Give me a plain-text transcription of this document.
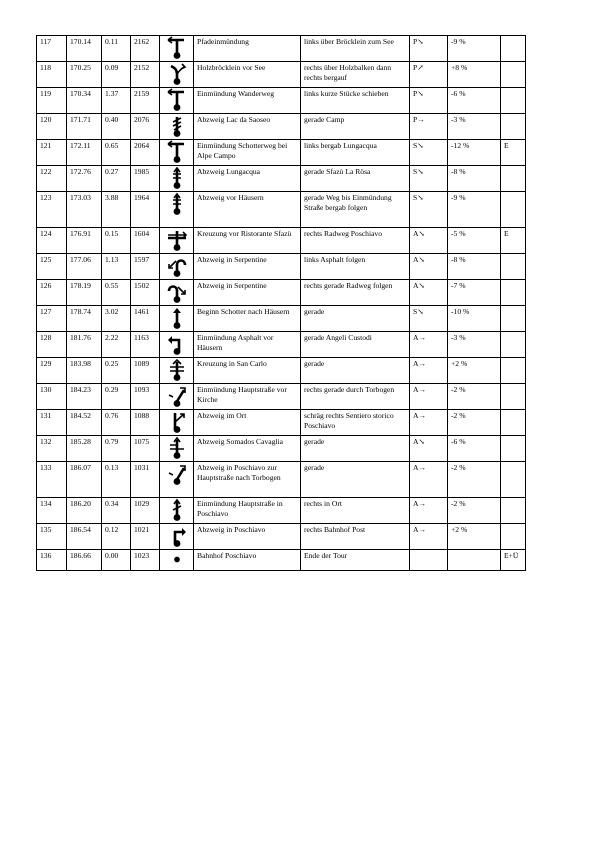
117	170.14	0.11	2162		Pfadeinmündung	links über Bröcklein zum See	P↘	-9 %	
118	170.25	0.09	2152		Holzbröcklein vor See	rechts über Holzbalken dann rechts bergauf	P↗	+8 %	
119	170.34	1.37	2159		Einmündung Wanderweg	links kurze Stücke schieben	P↘	-6 %	
120	171.71	0.40	2076		Abzweig Lac da Saoseo	gerade Camp	P→	-3 %	
121	172.11	0.65	2064		Einmündung Schotterweg bei Alpe Campo	links bergab Lungacqua	S↘	-12 %	E
122	172.76	0.27	1985		Abzweig Lungacqua	gerade Sfazù La Rösa	S↘	-8 %	
123	173.03	3.88	1964		Abzweig vor Häusern	gerade Weg bis Einmündung Straße bergab folgen	S↘	-9 %	
124	176.91	0.15	1604		Kreuzung vor Ristorante Sfazù	rechts Radweg Poschiavo	A↘	-5 %	E
125	177.06	1.13	1597		Abzweig in Serpentine	links Asphalt folgen	A↘	-8 %	
126	178.19	0.55	1502		Abzweig in Serpentine	rechts gerade Radweg folgen	A↘	-7 %	
127	178.74	3.02	1461		Beginn Schotter nach Häusern	gerade	S↘	-10 %	
128	181.76	2.22	1163		Einmündung Asphalt vor Häusern	gerade Angeli Custodi	A→	-3 %	
129	183.98	0.25	1089		Kreuzung in San Carlo	gerade	A→	+2 %	
130	184.23	0.29	1093		Einmündung Hauptstraße vor Kirche	rechts gerade durch Torbogen	A→	-2 %	
131	184.52	0.76	1088		Abzweig im Ort	schräg rechts Sentiero storico Poschiavo	A→	-2 %	
132	185.28	0.79	1075		Abzweig Somados Cavaglia	gerade	A↘	-6 %	
133	186.07	0.13	1031		Abzweig in Poschiavo zur Hauptstraße nach Torbogen	gerade	A→	-2 %	
134	186.20	0.34	1029		Einmündung Hauptstraße in Poschiavo	rechts in Ort	A→	-2 %	
135	186.54	0.12	1021		Abzweig in Poschiavo	rechts Bahnhof Post	A→	+2 %	
136	186.66	0.00	1023		Bahnhof Poschiavo	Ende der Tour			E+Ü
